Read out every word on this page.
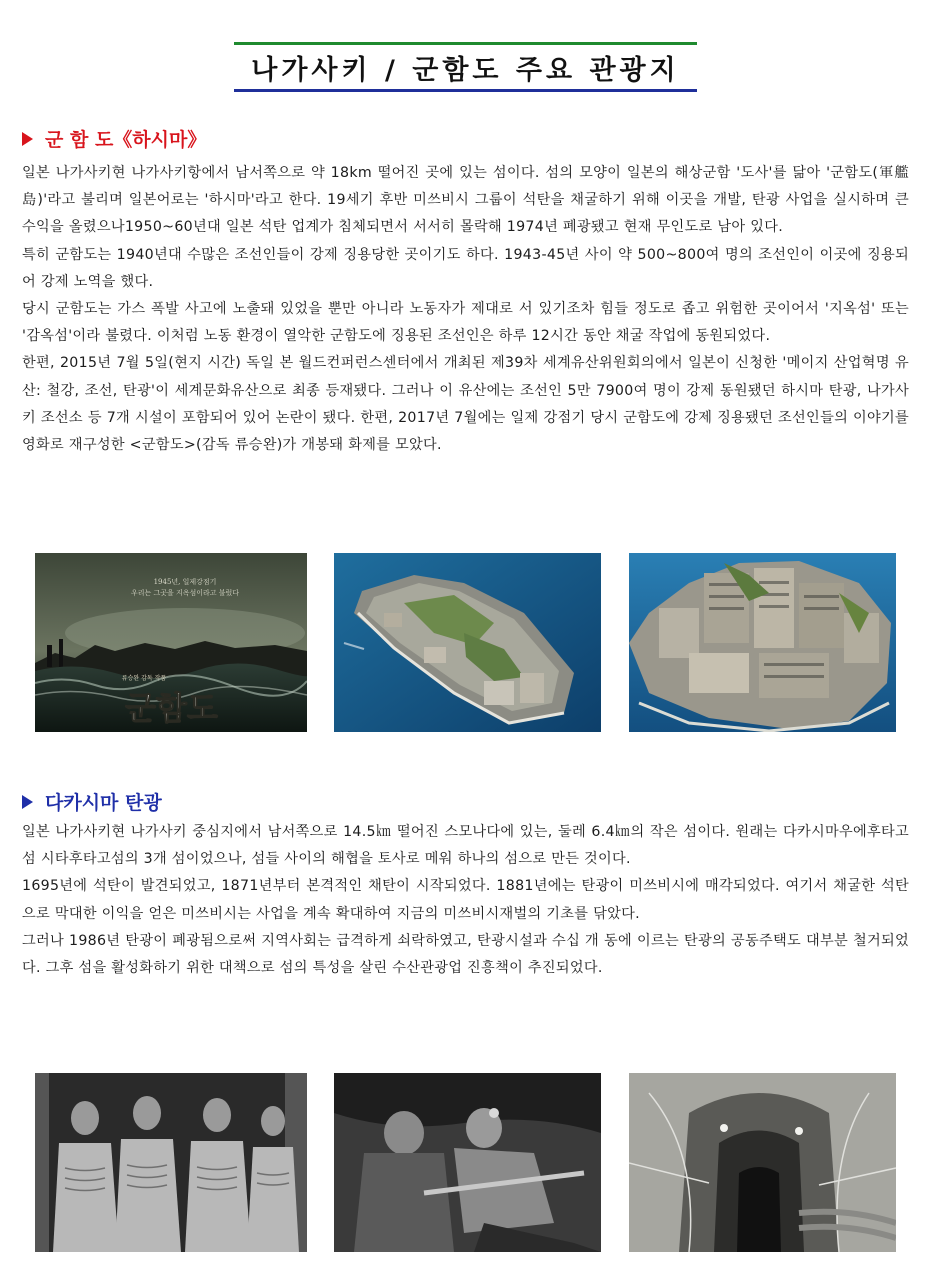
나가사키 / 군함도 주요 관광지
군 함 도《하시마》

일본 나가사키현 나가사키항에서 남서쪽으로 약 18km 떨어진 곳에 있는 섬이다. 섬의 모양이 일본의 해상군함 '도사'를 닮아 '군함도(軍艦島)'라고 불리며 일본어로는 '하시마'라고 한다. 19세기 후반 미쓰비시 그룹이 석탄을 채굴하기 위해 이곳을 개발, 탄광 사업을 실시하며 큰 수익을 올렸으나1950~60년대 일본 석탄 업계가 침체되면서 서서히 몰락해 1974년 폐광됐고 현재 무인도로 남아 있다.

특히 군함도는 1940년대 수많은 조선인들이 강제 징용당한 곳이기도 하다. 1943-45년 사이 약 500~800여 명의 조선인이 이곳에 징용되어 강제 노역을 했다.

당시 군함도는 가스 폭발 사고에 노출돼 있었을 뿐만 아니라 노동자가 제대로 서 있기조차 힘들 정도로 좁고 위험한 곳이어서 '지옥섬' 또는 '감옥섬'이라 불렸다. 이처럼 노동 환경이 열악한 군함도에 징용된 조선인은 하루 12시간 동안 채굴 작업에 동원되었다.

한편, 2015년 7월 5일(현지 시간) 독일 본 월드컨퍼런스센터에서 개최된 제39차 세계유산위원회의에서 일본이 신청한 '메이지 산업혁명 유산: 철강, 조선, 탄광'이 세계문화유산으로 최종 등재됐다. 그러나 이 유산에는 조선인 5만 7900여 명이 강제 동원됐던 하시마 탄광, 나가사키 조선소 등 7개 시설이 포함되어 있어 논란이 됐다. 한편, 2017년 7월에는 일제 강점기 당시 군함도에 강제 징용됐던 조선인들의 이야기를 영화로 재구성한 <군함도>(감독 류승완)가 개봉돼 화제를 모았다.

1945년, 일제강점기
우리는 그곳을 지옥섬이라고 불렀다
류승완 감독 작품
군함도
다카시마 탄광

일본 나가사키현 나가사키 중심지에서 남서쪽으로 14.5㎞ 떨어진 스모나다에 있는, 둘레 6.4㎞의 작은 섬이다. 원래는 다카시마우에후타고섬 시타후타고섬의 3개 섬이었으나, 섬들 사이의 해협을 토사로 메워 하나의 섬으로 만든 것이다.

1695년에 석탄이 발견되었고, 1871년부터 본격적인 채탄이 시작되었다. 1881년에는 탄광이 미쓰비시에 매각되었다. 여기서 채굴한 석탄으로 막대한 이익을 얻은 미쓰비시는 사업을 계속 확대하여 지금의 미쓰비시재벌의 기초를 닦았다.

그러나 1986년 탄광이 폐광됨으로써 지역사회는 급격하게 쇠락하였고, 탄광시설과 수십 개 동에 이르는 탄광의 공동주택도 대부분 철거되었다. 그후 섬을 활성화하기 위한 대책으로 섬의 특성을 살린 수산관광업 진흥책이 추진되었다.
